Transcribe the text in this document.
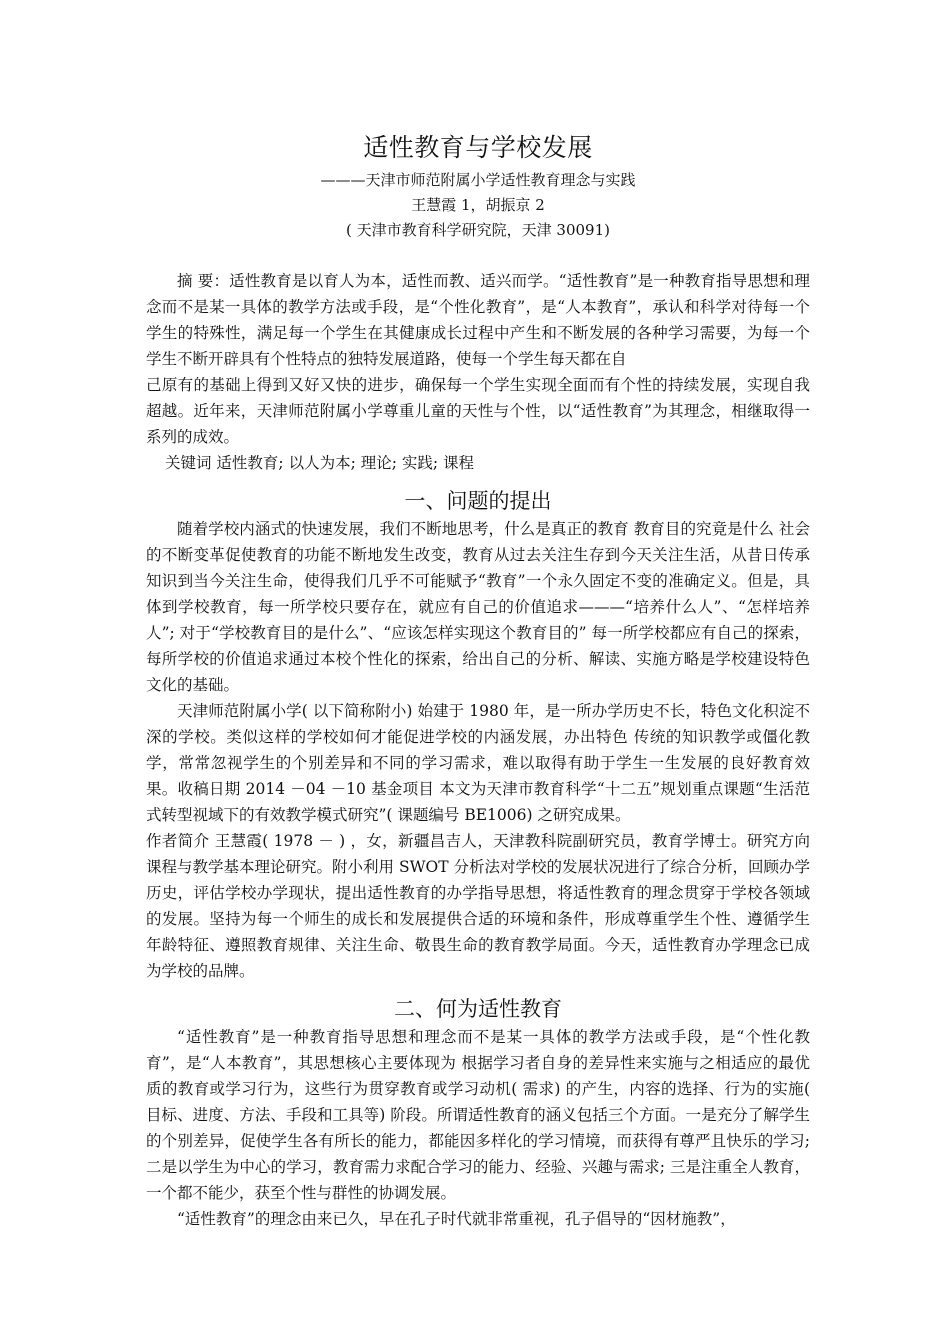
适性教育与学校发展

———天津市师范附属小学适性教育理念与实践

王慧霞 1，胡振京 2

( 天津市教育科学研究院，天津 30091)

摘 要：适性教育是以育人为本，适性而教、适兴而学。“适性教育”是一种教育指导思想和理念而不是某一具体的教学方法或手段，是“个性化教育”，是“人本教育”，承认和科学对待每一个学生的特殊性，满足每一个学生在其健康成长过程中产生和不断发展的各种学习需要，为每一个学生不断开辟具有个性特点的独特发展道路，使每一个学生每天都在自

己原有的基础上得到又好又快的进步，确保每一个学生实现全面而有个性的持续发展，实现自我超越。近年来，天津师范附属小学尊重儿童的天性与个性，以“适性教育”为其理念，相继取得一系列的成效。

关键词 适性教育; 以人为本; 理论; 实践; 课程

一、问题的提出

随着学校内涵式的快速发展，我们不断地思考，什么是真正的教育 教育目的究竟是什么 社会的不断变革促使教育的功能不断地发生改变，教育从过去关注生存到今天关注生活，从昔日传承知识到当今关注生命，使得我们几乎不可能赋予“教育”一个永久固定不变的准确定义。但是，具体到学校教育，每一所学校只要存在，就应有自己的价值追求———“培养什么人”、“怎样培养人”; 对于“学校教育目的是什么”、“应该怎样实现这个教育目的” 每一所学校都应有自己的探索，每所学校的价值追求通过本校个性化的探索，给出自己的分析、解读、实施方略是学校建设特色文化的基础。

天津师范附属小学( 以下简称附小) 始建于 1980 年，是一所办学历史不长，特色文化积淀不深的学校。类似这样的学校如何才能促进学校的内涵发展，办出特色 传统的知识教学或僵化教学，常常忽视学生的个别差异和不同的学习需求，难以取得有助于学生一生发展的良好教育效果。收稿日期 2014 －04 －10 基金项目 本文为天津市教育科学“十二五”规划重点课题“生活范式转型视域下的有效教学模式研究”( 课题编号 BE1006) 之研究成果。

作者简介 王慧霞( 1978 － ) ，女，新疆昌吉人，天津教科院副研究员，教育学博士。研究方向课程与教学基本理论研究。附小利用 SWOT 分析法对学校的发展状况进行了综合分析，回顾办学历史，评估学校办学现状，提出适性教育的办学指导思想，将适性教育的理念贯穿于学校各领域的发展。坚持为每一个师生的成长和发展提供合适的环境和条件，形成尊重学生个性、遵循学生年龄特征、遵照教育规律、关注生命、敬畏生命的教育教学局面。今天，适性教育办学理念已成为学校的品牌。

二、何为适性教育

“适性教育”是一种教育指导思想和理念而不是某一具体的教学方法或手段，是“个性化教育”，是“人本教育”，其思想核心主要体现为 根据学习者自身的差异性来实施与之相适应的最优质的教育或学习行为，这些行为贯穿教育或学习动机( 需求) 的产生，内容的选择、行为的实施( 目标、进度、方法、手段和工具等) 阶段。所谓适性教育的涵义包括三个方面。一是充分了解学生的个别差异，促使学生各有所长的能力，都能因多样化的学习情境，而获得有尊严且快乐的学习; 二是以学生为中心的学习，教育需力求配合学习的能力、经验、兴趣与需求; 三是注重全人教育，一个都不能少，获至个性与群性的协调发展。

“适性教育”的理念由来已久，早在孔子时代就非常重视，孔子倡导的“因材施教”，
